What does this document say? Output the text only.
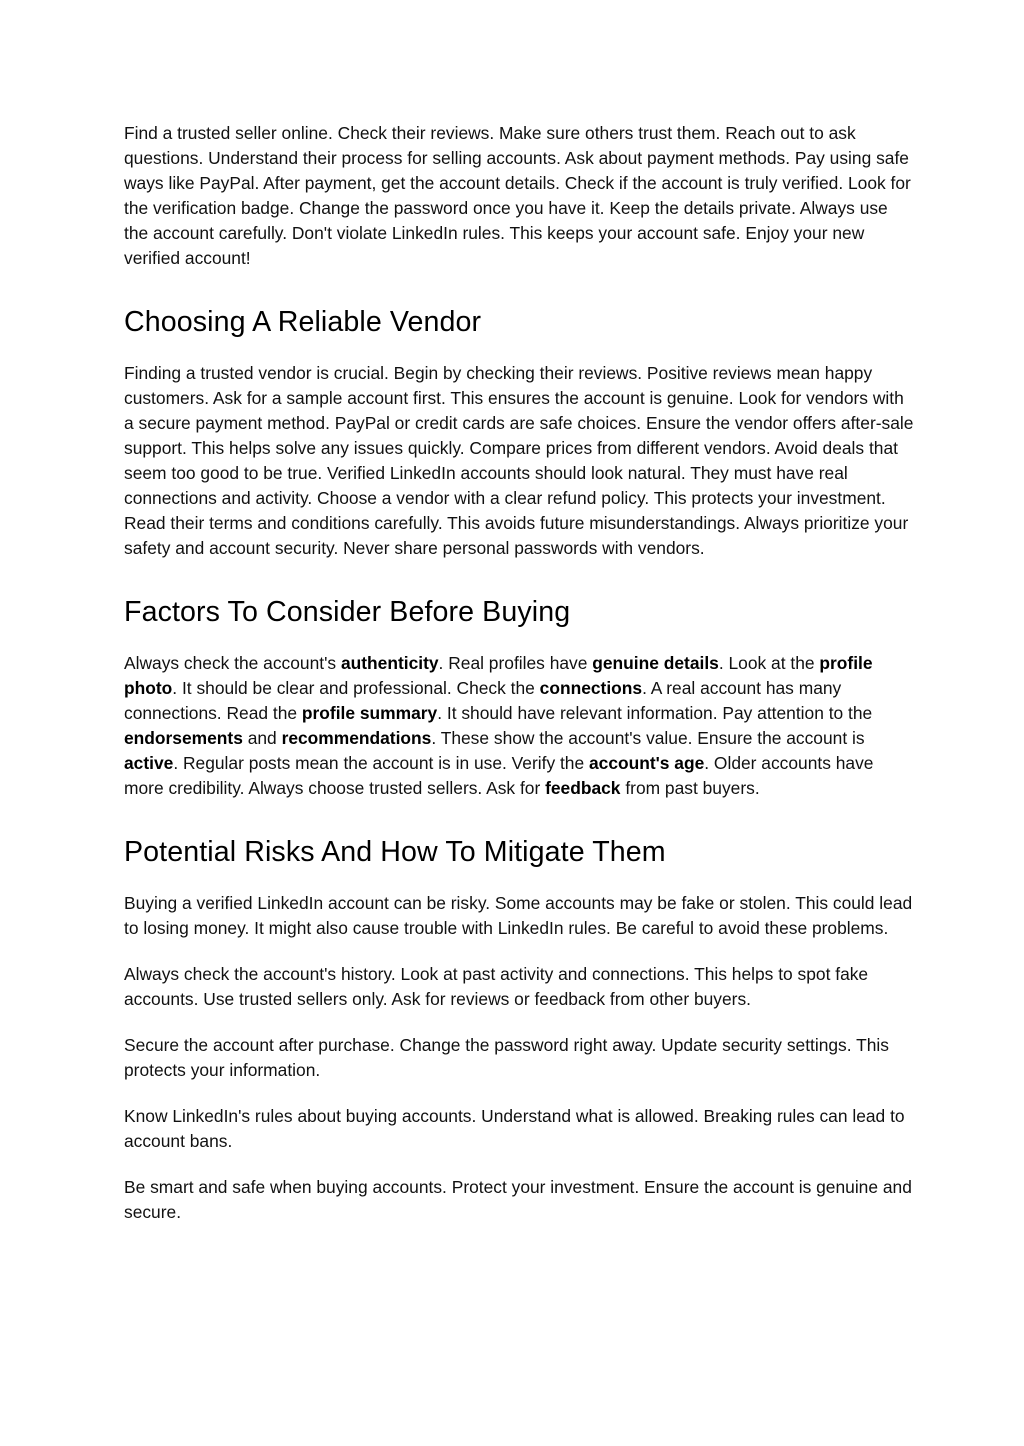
Find a trusted seller online. Check their reviews. Make sure others trust them. Reach out to ask questions. Understand their process for selling accounts. Ask about payment methods. Pay using safe ways like PayPal. After payment, get the account details. Check if the account is truly verified. Look for the verification badge. Change the password once you have it. Keep the details private. Always use the account carefully. Don't violate LinkedIn rules. This keeps your account safe. Enjoy your new verified account!

Choosing A Reliable Vendor

Finding a trusted vendor is crucial. Begin by checking their reviews. Positive reviews mean happy customers. Ask for a sample account first. This ensures the account is genuine. Look for vendors with a secure payment method. PayPal or credit cards are safe choices. Ensure the vendor offers after-sale support. This helps solve any issues quickly. Compare prices from different vendors. Avoid deals that seem too good to be true. Verified LinkedIn accounts should look natural. They must have real connections and activity. Choose a vendor with a clear refund policy. This protects your investment. Read their terms and conditions carefully. This avoids future misunderstandings. Always prioritize your safety and account security. Never share personal passwords with vendors.

Factors To Consider Before Buying

Always check the account's authenticity. Real profiles have genuine details. Look at the profile photo. It should be clear and professional. Check the connections. A real account has many connections. Read the profile summary. It should have relevant information. Pay attention to the endorsements and recommendations. These show the account's value. Ensure the account is active. Regular posts mean the account is in use. Verify the account's age. Older accounts have more credibility. Always choose trusted sellers. Ask for feedback from past buyers.

Potential Risks And How To Mitigate Them

Buying a verified LinkedIn account can be risky. Some accounts may be fake or stolen. This could lead to losing money. It might also cause trouble with LinkedIn rules. Be careful to avoid these problems.

Always check the account's history. Look at past activity and connections. This helps to spot fake accounts. Use trusted sellers only. Ask for reviews or feedback from other buyers.

Secure the account after purchase. Change the password right away. Update security settings. This protects your information.

Know LinkedIn's rules about buying accounts. Understand what is allowed. Breaking rules can lead to account bans.

Be smart and safe when buying accounts. Protect your investment. Ensure the account is genuine and secure.
